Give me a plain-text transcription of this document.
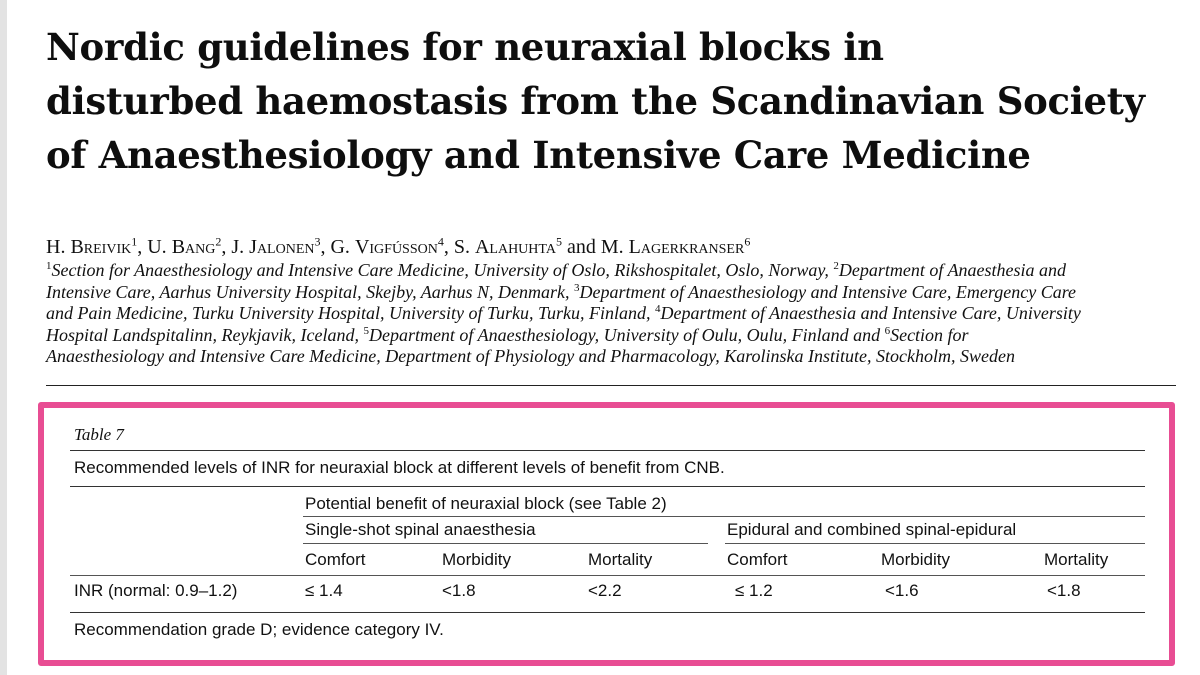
Nordic guidelines for neuraxial blocks in
disturbed haemostasis from the Scandinavian Society
of Anaesthesiology and Intensive Care Medicine
H. Breivik$^1$, U. Bang$^2$, J. Jalonen$^3$, G. Vigfússon$^4$, S. Alahuhta$^5$ and M. Lagerkranser$^6$
$^1$Section for Anaesthesiology and Intensive Care Medicine, University of Oslo, Rikshospitalet, Oslo, Norway, $^2$Department of Anaesthesia and
Intensive Care, Aarhus University Hospital, Skejby, Aarhus N, Denmark, $^3$Department of Anaesthesiology and Intensive Care, Emergency Care
and Pain Medicine, Turku University Hospital, University of Turku, Turku, Finland, $^4$Department of Anaesthesia and Intensive Care, University
Hospital Landspitalinn, Reykjavik, Iceland, $^5$Department of Anaesthesiology, University of Oulu, Oulu, Finland and $^6$Section for
Anaesthesiology and Intensive Care Medicine, Department of Physiology and Pharmacology, Karolinska Institute, Stockholm, Sweden
Table 7
Recommended levels of INR for neuraxial block at different levels of benefit from CNB.
Potential benefit of neuraxial block (see Table 2)
Single-shot spinal anaesthesia	Epidural and combined spinal-epidural
Comfort	Morbidity	Mortality	Comfort	Morbidity	Mortality
INR (normal: 0.9–1.2)	≤ 1.4	<1.8	<2.2	≤ 1.2	<1.6	<1.8
Recommendation grade D; evidence category IV.
